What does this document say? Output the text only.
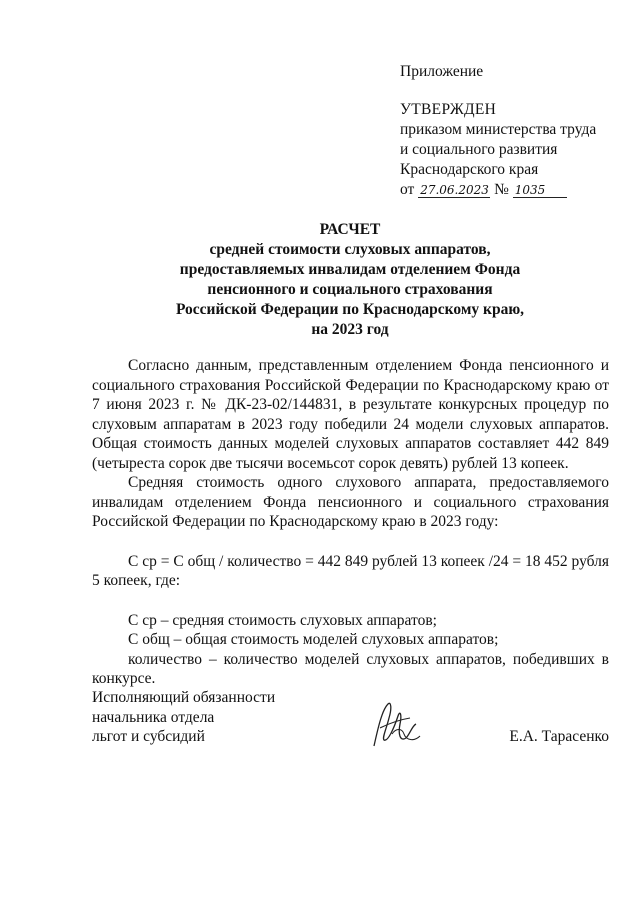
Приложение
УТВЕРЖДЕН
приказом министерства труда
и социального развития
Краснодарского края
от 27.06.2023 № 1035
РАСЧЕТ
средней стоимости слуховых аппаратов,
предоставляемых инвалидам отделением Фонда
пенсионного и социального страхования
Российской Федерации по Краснодарскому краю,
на 2023 год

Согласно данным, представленным отделением Фонда пенсионного и социального страхования Российской Федерации по Краснодарскому краю от 7 июня 2023 г. № ДК-23-02/144831, в результате конкурсных процедур по слуховым аппаратам в 2023 году победили 24 модели слуховых аппаратов. Общая стоимость данных моделей слуховых аппаратов составляет 442 849 (четыреста сорок две тысячи восемьсот сорок девять) рублей 13 копеек.

Средняя стоимость одного слухового аппарата, предоставляемого инвалидам отделением Фонда пенсионного и социального страхования Российской Федерации по Краснодарскому краю в 2023 году:

С ср = С общ / количество = 442 849 рублей 13 копеек /24 = 18 452 рубля 5 копеек, где:

С ср – средняя стоимость слуховых аппаратов;

С общ – общая стоимость моделей слуховых аппаратов;

количество – количество моделей слуховых аппаратов, победивших в конкурсе.

Исполняющий обязанности
начальника отдела
льгот и субсидий	Е.А. Тарасенко
